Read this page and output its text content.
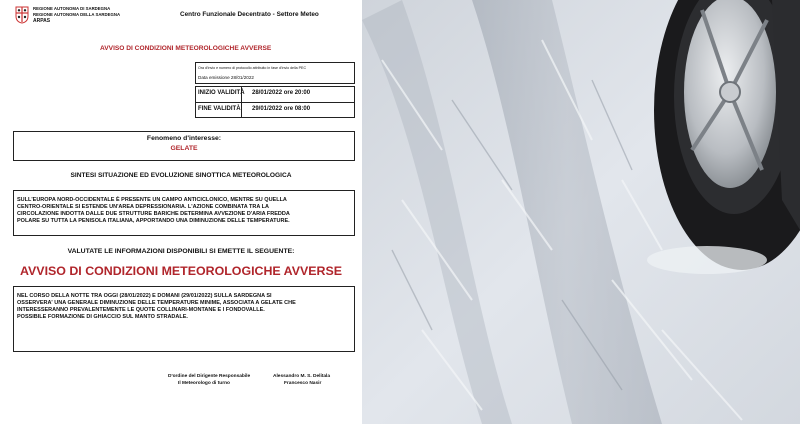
REGIONE AUTONOMA DI SARDEGNA
REGIONE AUTONOMA DELLA SARDEGNA
ARPAS
Centro Funzionale Decentrato - Settore Meteo
AVVISO DI CONDIZIONI METEOROLOGICHE AVVERSE
Ora d'invio e numero di protocollo attribuito in fase d'invio della PEC
Data emissione 28/01/2022
INIZIO VALIDITÀ 28/01/2022 ore 20:00
FINE VALIDITÀ 29/01/2022 ore 08:00
Fenomeno d'interesse:
GELATE
SINTESI SITUAZIONE ED EVOLUZIONE SINOTTICA METEOROLOGICA
SULL'EUROPA NORD-OCCIDENTALE È PRESENTE UN CAMPO ANTICICLONICO, MENTRE SU QUELLA
CENTRO-ORIENTALE SI ESTENDE UN'AREA DEPRESSIONARIA. L'AZIONE COMBINATA TRA LA
CIRCOLAZIONE INDOTTA DALLE DUE STRUTTURE BARICHE DETERMINA AVVEZIONE D'ARIA FREDDA
POLARE SU TUTTA LA PENISOLA ITALIANA, APPORTANDO UNA DIMINUZIONE DELLE TEMPERATURE.
VALUTATE LE INFORMAZIONI DISPONIBILI SI EMETTE IL SEGUENTE:
AVVISO DI CONDIZIONI METEOROLOGICHE AVVERSE
NEL CORSO DELLA NOTTE TRA OGGI (28/01/2022) E DOMANI (29/01/2022) SULLA SARDEGNA SI
OSSERVERA' UNA GENERALE DIMINUZIONE DELLE TEMPERATURE MINIME, ASSOCIATA A GELATE CHE
INTERESSERANNO PREVALENTEMENTE LE QUOTE COLLINARI-MONTANE E I FONDOVALLE.
POSSIBILE FORMAZIONE DI GHIACCIO SUL MANTO STRADALE.
D'ordine del Dirigente Responsabile
Il Meteorologo di turno
Alessandro M. S. Delitala
Francesco Nasir
